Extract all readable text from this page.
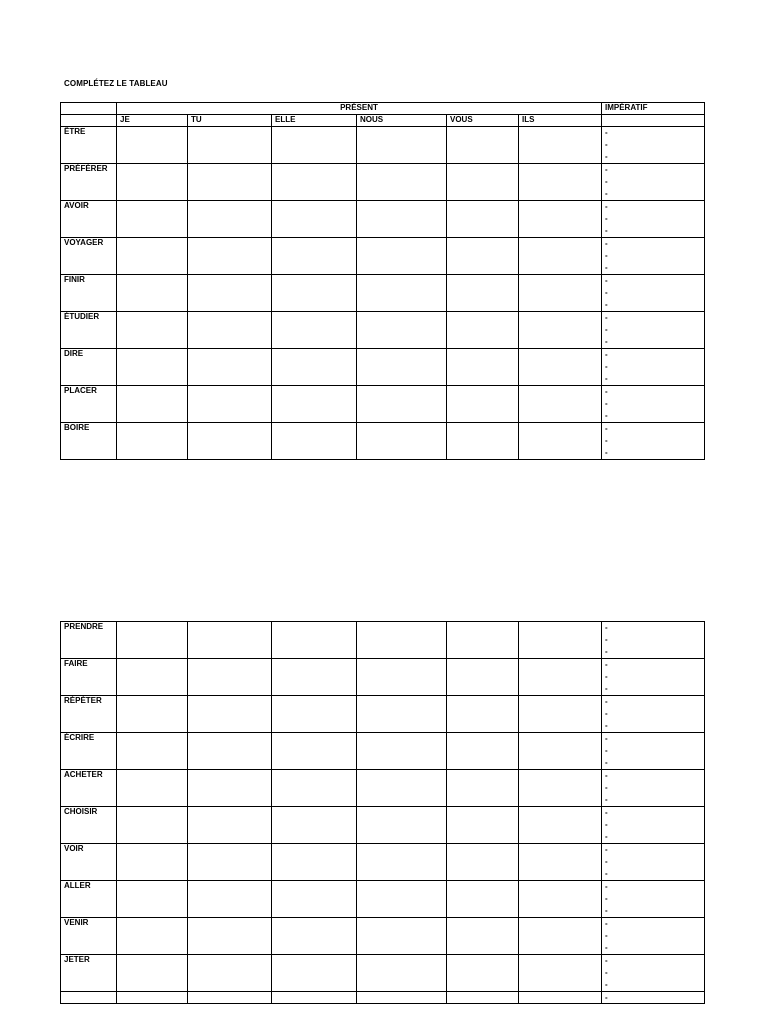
COMPLÉTEZ LE TABLEAU
	PRÉSENT						IMPÉRATIF
	JE	TU	ELLE	NOUS	VOUS	ILS	
ÊTRE							-
-
-

PRÉFÉRER							-
-
-

AVOIR							-
-
-

VOYAGER							-
-
-

FINIR							-
-
-

ÉTUDIER							-
-
-

DIRE							-
-
-

PLACER							-
-
-

BOIRE							-
-
-
PRENDRE							-
-
-

FAIRE							-
-
-

RÉPÉTER							-
-
-

ÉCRIRE							-
-
-

ACHETER							-
-
-

CHOISIR							-
-
-

VOIR							-
-
-

ALLER							-
-
-

VENIR							-
-
-

JETER							-
-
-

							-
